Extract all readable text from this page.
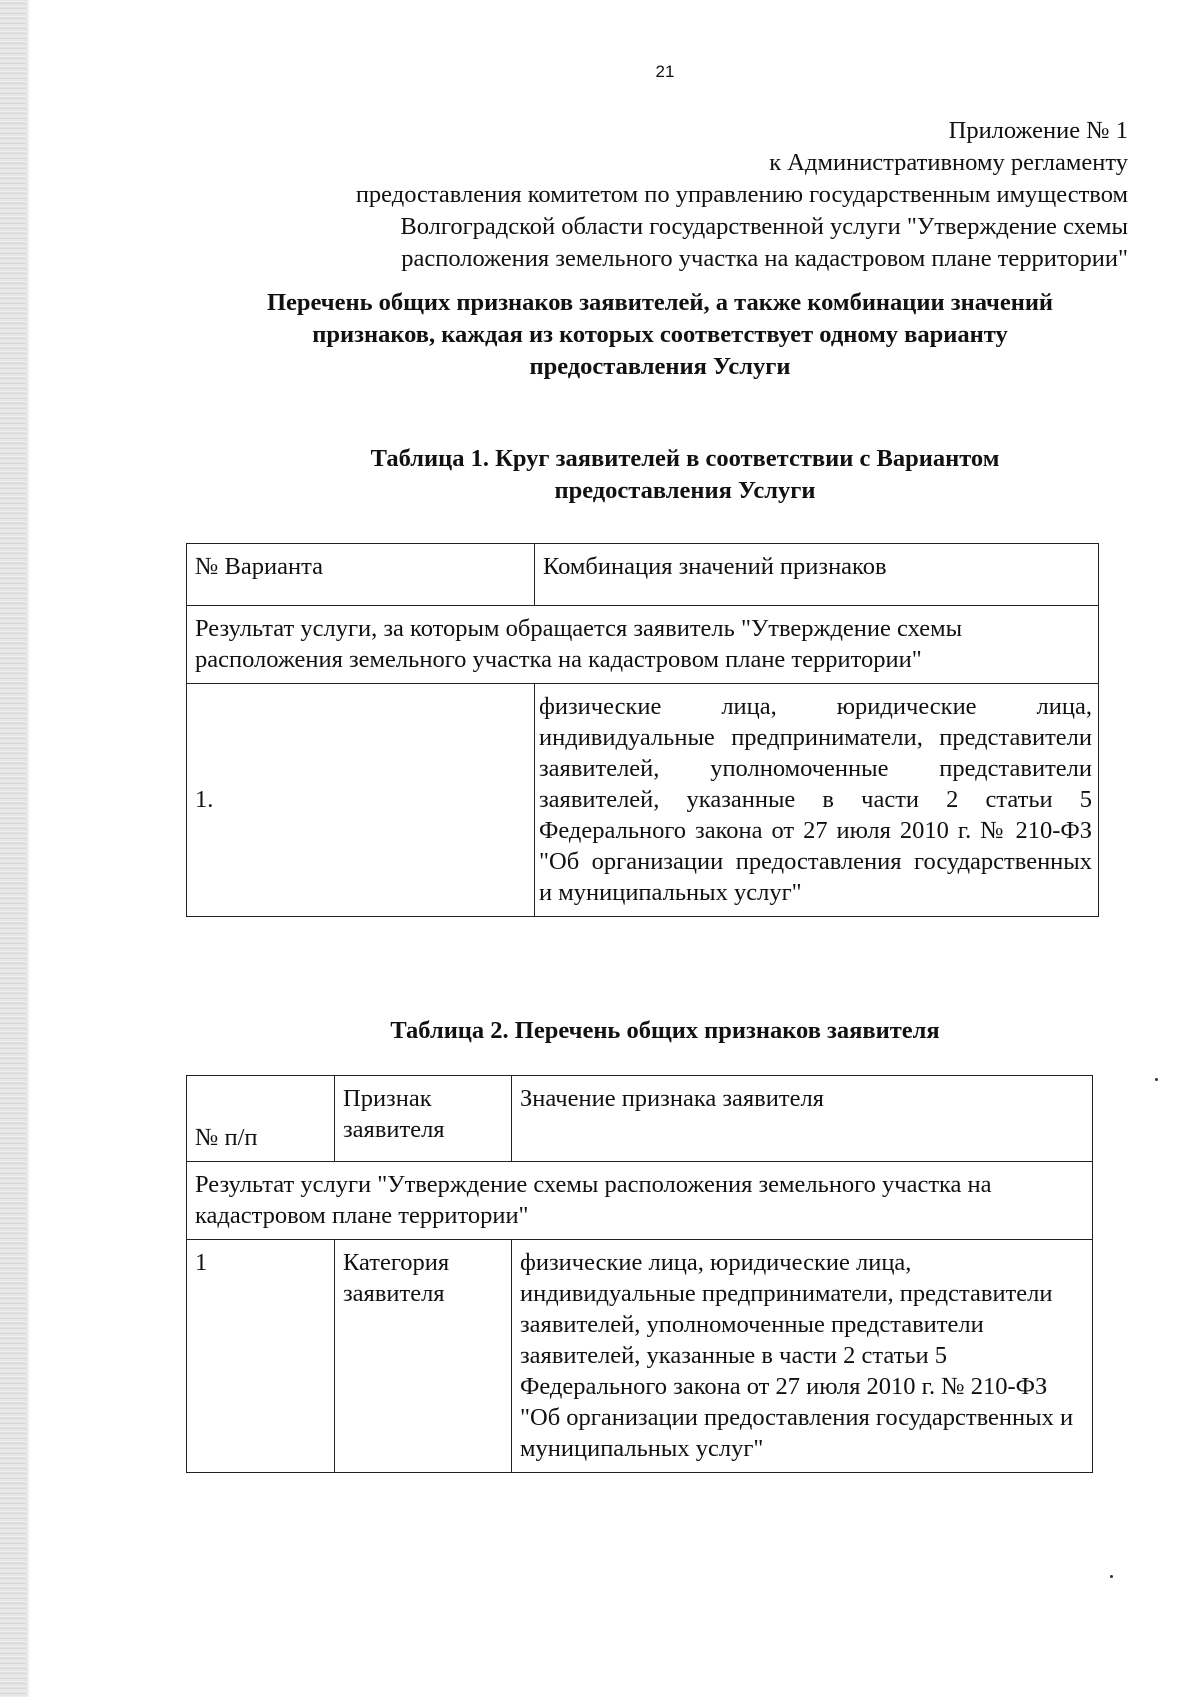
21
Приложение № 1
к Административному регламенту
предоставления комитетом по управлению государственным имуществом
Волгоградской области государственной услуги "Утверждение схемы
расположения земельного участка на кадастровом плане территории"
Перечень общих признаков заявителей, а также комбинации значений
признаков, каждая из которых соответствует одному варианту
предоставления Услуги
Таблица 1. Круг заявителей в соответствии с Вариантом
предоставления Услуги
№ Варианта	Комбинация значений признаков
Результат услуги, за которым обращается заявитель "Утверждение схемы расположения земельного участка на кадастровом плане территории"	
1.	физические лица, юридические лица, индивидуальные предприниматели, представители заявителей, уполномоченные представители заявителей, указанные в части 2 статьи 5 Федерального закона от 27 июля 2010 г. № 210-ФЗ "Об организации предоставления государственных и муниципальных услуг"
Таблица 2. Перечень общих признаков заявителя
№ п/п	Признак заявителя	Значение признака заявителя
Результат услуги "Утверждение схемы расположения земельного участка на кадастровом плане территории"		
1	Категория заявителя	физические лица, юридические лица, индивидуальные предприниматели, представители заявителей, уполномоченные представители заявителей, указанные в части 2 статьи 5 Федерального закона от 27 июля 2010 г. № 210-ФЗ "Об организации предоставления государственных и муниципальных услуг"
